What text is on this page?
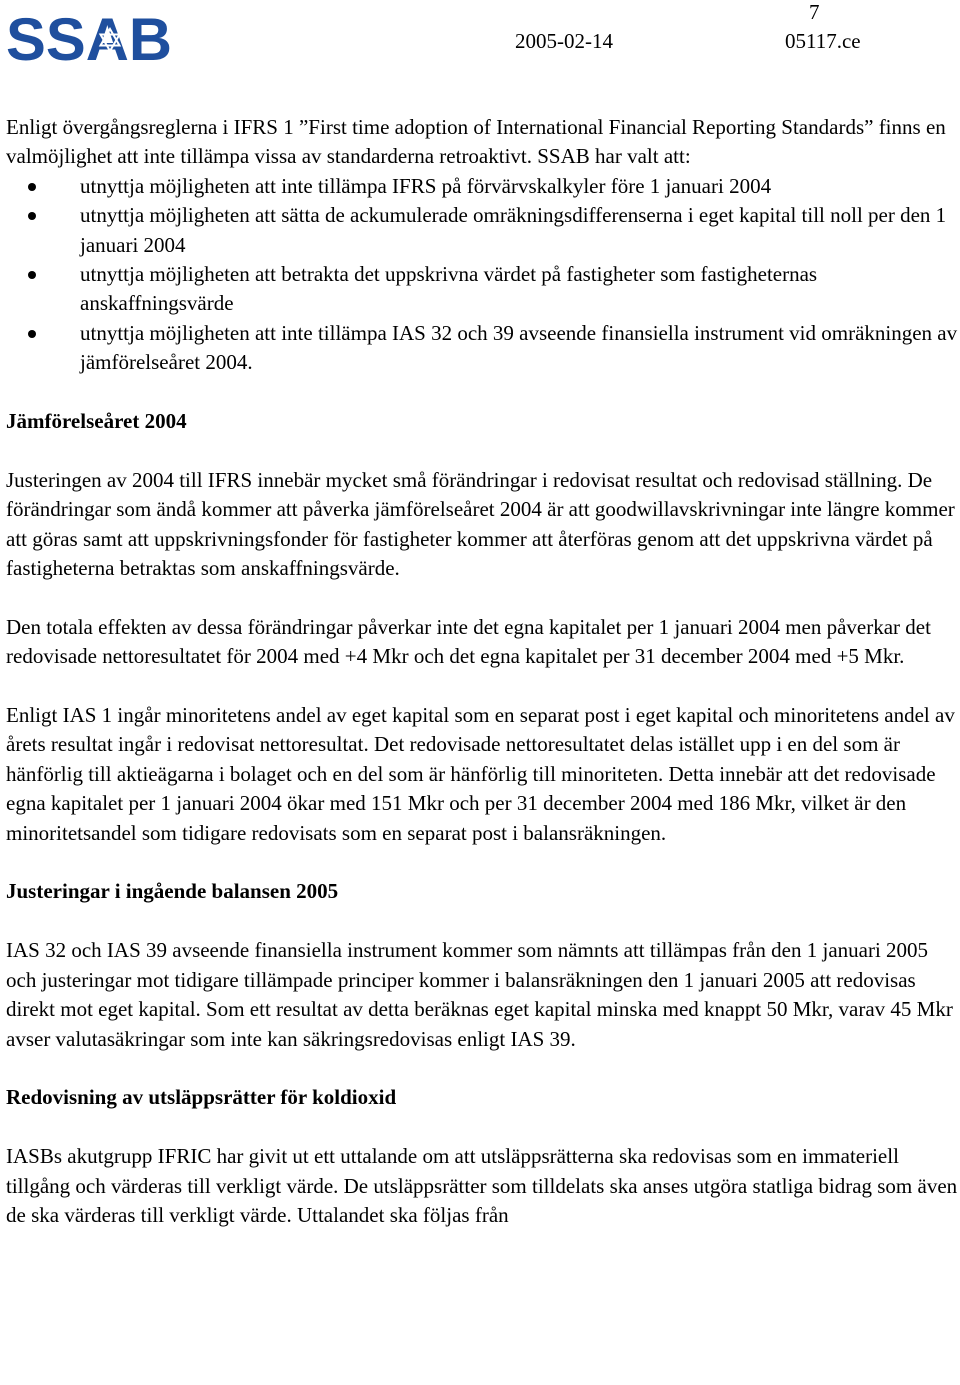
SSAB	7
2005-02-14	05117.ce

Enligt övergångsreglerna i IFRS 1 ”First time adoption of International Financial Reporting Standards” finns en valmöjlighet att inte tillämpa vissa av standarderna retroaktivt. SSAB har valt att:

utnyttja möjligheten att inte tillämpa IFRS på förvärvskalkyler före 1 januari 2004
utnyttja möjligheten att sätta de ackumulerade omräkningsdifferenserna i eget kapital till noll per den 1 januari 2004
utnyttja möjligheten att betrakta det uppskrivna värdet på fastigheter som fastigheternas anskaffningsvärde
utnyttja möjligheten att inte tillämpa IAS 32 och 39 avseende finansiella instrument vid omräkningen av jämförelseåret 2004.
Jämförelseåret 2004

Justeringen av 2004 till IFRS innebär mycket små förändringar i redovisat resultat och redovisad ställning. De förändringar som ändå kommer att påverka jämförelseåret 2004 är att goodwillavskrivningar inte längre kommer att göras samt att uppskrivningsfonder för fastigheter kommer att återföras genom att det uppskrivna värdet på fastigheterna betraktas som anskaffningsvärde.

Den totala effekten av dessa förändringar påverkar inte det egna kapitalet per 1 januari 2004 men påverkar det redovisade nettoresultatet för 2004 med +4 Mkr och det egna kapitalet per 31 december 2004 med +5 Mkr.

Enligt IAS 1 ingår minoritetens andel av eget kapital som en separat post i eget kapital och minoritetens andel av årets resultat ingår i redovisat nettoresultat. Det redovisade nettoresultatet delas istället upp i en del som är hänförlig till aktieägarna i bolaget och en del som är hänförlig till minoriteten. Detta innebär att det redovisade egna kapitalet per 1 januari 2004 ökar med 151 Mkr och per 31 december 2004 med 186 Mkr, vilket är den minoritetsandel som tidigare redovisats som en separat post i balansräkningen.

Justeringar i ingående balansen 2005

IAS 32 och IAS 39 avseende finansiella instrument kommer som nämnts att tillämpas från den 1 januari 2005 och justeringar mot tidigare tillämpade principer kommer i balansräkningen den 1 januari 2005 att redovisas direkt mot eget kapital. Som ett resultat av detta beräknas eget kapital minska med knappt 50 Mkr, varav 45 Mkr avser valutasäkringar som inte kan säkringsredovisas enligt IAS 39.

Redovisning av utsläppsrätter för koldioxid

IASBs akutgrupp IFRIC har givit ut ett uttalande om att utsläppsrätterna ska redovisas som en immateriell tillgång och värderas till verkligt värde. De utsläppsrätter som tilldelats ska anses utgöra statliga bidrag som även de ska värderas till verkligt värde. Uttalandet ska följas från
